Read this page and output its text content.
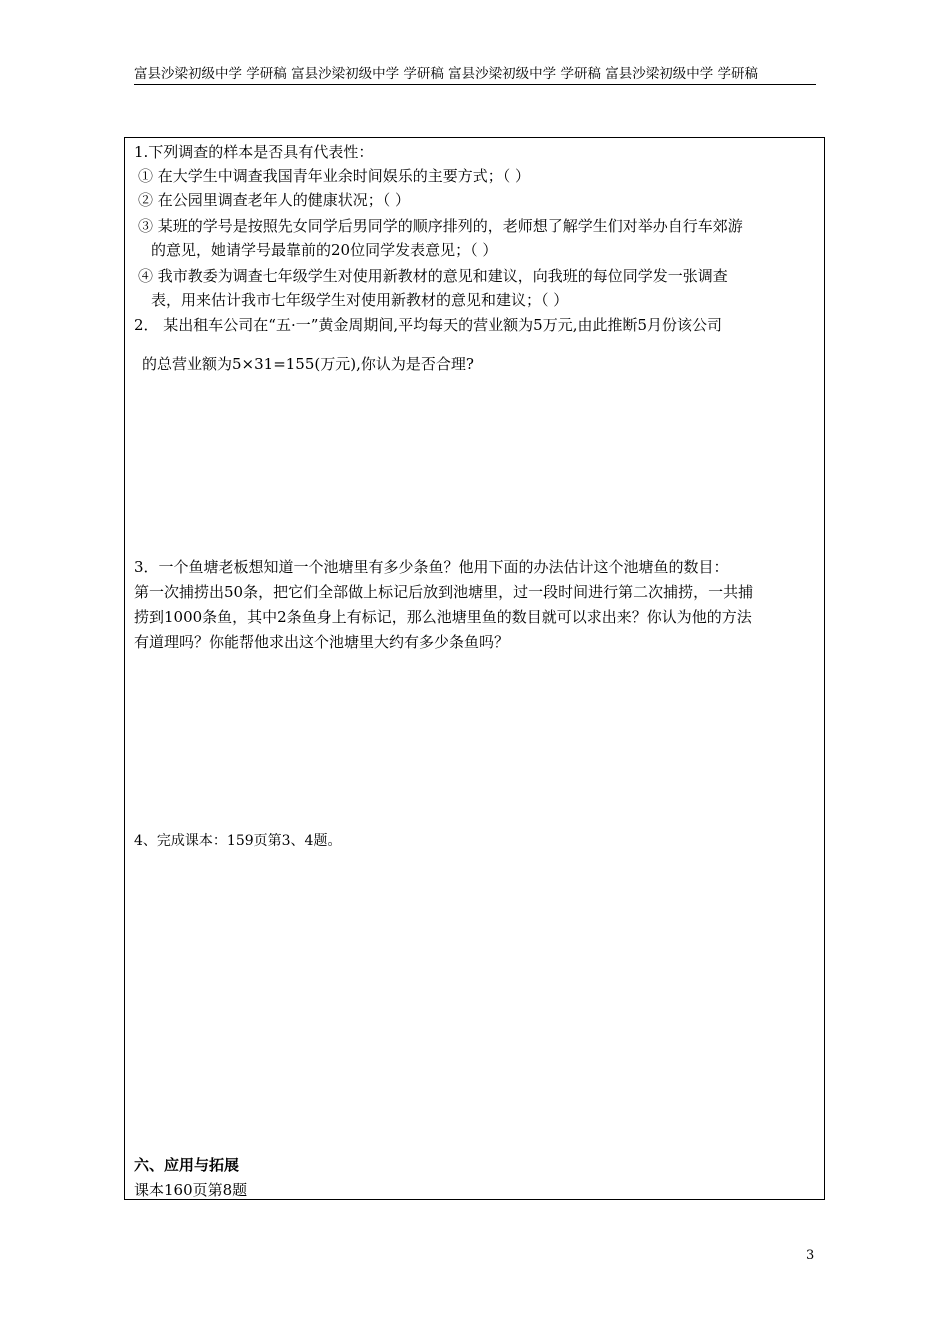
富县沙梁初级中学 学研稿 富县沙梁初级中学 学研稿 富县沙梁初级中学 学研稿 富县沙梁初级中学 学研稿
1.下列调查的样本是否具有代表性：
① 在大学生中调查我国青年业余时间娱乐的主要方式；（ ）
② 在公园里调查老年人的健康状况；（ ）
③ 某班的学号是按照先女同学后男同学的顺序排列的，老师想了解学生们对举办自行车郊游
的意见，她请学号最靠前的20位同学发表意见；（ ）
④ 我市教委为调查七年级学生对使用新教材的意见和建议，向我班的每位同学发一张调查
表，用来估计我市七年级学生对使用新教材的意见和建议；（ ）
2． 某出租车公司在“五·一”黄金周期间,平均每天的营业额为5万元,由此推断5月份该公司
的总营业额为5×31=155(万元),你认为是否合理?
3．一个鱼塘老板想知道一个池塘里有多少条鱼？他用下面的办法估计这个池塘鱼的数目：
第一次捕捞出50条，把它们全部做上标记后放到池塘里，过一段时间进行第二次捕捞，一共捕
捞到1000条鱼，其中2条鱼身上有标记，那么池塘里鱼的数目就可以求出来？你认为他的方法
有道理吗？你能帮他求出这个池塘里大约有多少条鱼吗？
4、完成课本：159页第3、4题。
六、应用与拓展
课本160页第8题
3
